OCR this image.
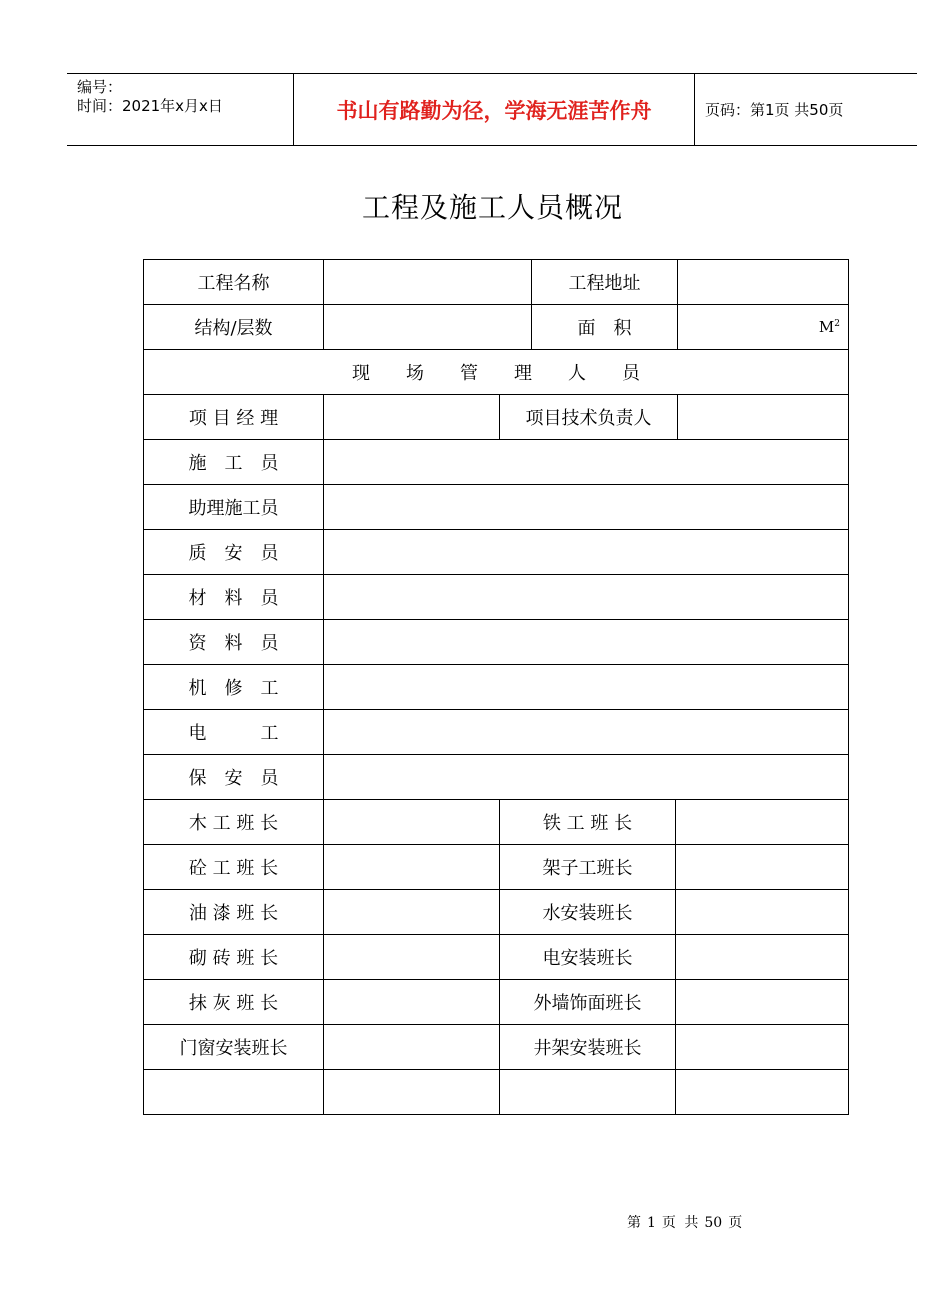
编号：
时间：2021年x月x日	书山有路勤为径，学海无涯苦作舟	页码：第1页 共50页
工程及施工人员概况
工程名称			工程地址		
结构/层数			面　积		$M^2$
现　　场　　管　　理　　人　　员					
项 目 经 理		项目技术负责人			
施　工　员					
助理施工员					
质　安　员					
材　料　员					
资　料　员					
机　修　工					
电　　　工					
保　安　员					
木 工 班 长		铁 工 班 长			
砼 工 班 长		架子工班长			
油 漆 班 长		水安装班长			
砌 砖 班 长		电安装班长			
抹 灰 班 长		外墙饰面班长			
门窗安装班长		井架安装班长			

第 1 页 共 50 页
